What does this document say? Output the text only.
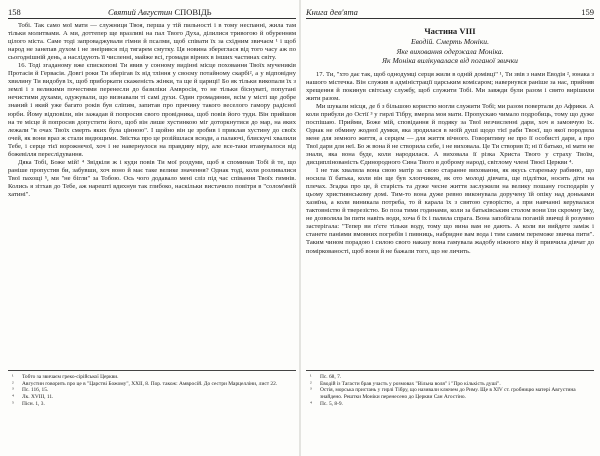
158	Святий Августин СПОВІДЬ

Тобі. Так само мої мати — служниця Твоя, перша у тій пильності і в тому неспанні, жила там тільки молитвами. А ми, доттепер ще вразливі на пал Твого Духа, ділилися тривогою й обуренням цілого міста. Саме тоді запроваджували гімни й псалми, щоб співати їх за східним звичаєм ¹ і щоб народ не занепав духом і не знеірився під тягарем смутку. Ця новина збереглася від того часу аж по сьогоднішній день, а наслідують її численні, майже всі, громади вірних в інших частинах світу.

16. Тоді згаданому вже єпископові Ти явив у сонному видінні місце поховання Твоїх мучеників Протасія й Гервасія. Довгі роки Ти зберігав їх від тління у своєму потайному скарбі², а у відповідну хвилину Ти видобув їх, щоб приборкати скаженість жінки, та ще й цариці! Бо як тільки викопали їх з землі і з великими почестями перенесли до базиліки Амвросія, то не тільки біснуваті, попутані нечистими духами, одужували, що визнавали ті самі духи. Один громадянин, всім у місті ще добре знаний і який уже багато років був сліпим, запитав про причину такого веселого гамору радісної юрби. Йому відповіли, він зажадав й попросив свого провідника, щоб повів його туди. Він прийшов на те місце й попросив допустити його, щоб він лише хустинкою міг доторкнутися до мар, на яких лежали "в очах Твоїх смерть яких була цінною". І щойно він це зробив і приклав хустину до своїх очей, як вони враз ж стали видющими. Звістка про це розійшлася всюди, а палаючі, блискучі хвалили Тебе, і серце тієї ворожнечої, хоч і не навернулося на правдиву віру, але все-таки втамувалося від божевілля переслідування.

Дяка Тобі, Боже мій! ⁴ Звідкіля ж і куди повів Ти мої роздуми, щоб я споминав Тобі й те, що раніше пропустив би, забувши, хоч воно й має таке велике значення? Однак тоді, коли розливалися Твої пахощі ⁵, ми "не бігли" за Тобою. Ось чого додавало мені сліз під час співання Твоїх гимнів. Колись я зітхав до Тебе, аж нарешті вдихнув так глибоко, наскільки вистачило повітря в "солом'яній хатині".

¹ Тобто за звичаєм греко-сірійської Церкви.

² Августин говорить про це в "Царстві Божому", XXII, 8. Пор. також: Амвросій. До сестри Марцелліни, лист 22.

³ Пс. 116, 15.

⁴ Лк. XVIII, 11.

⁵ Пісн. 1, 3.

Книга дев'ята	159
Частина VIII
Еводій. Смерть Моніки.
Яке виховання одержала Моніка.
Як Моніка вилікувалася від поганої звички

17. Ти, "хто дає так, щоб однодумці серця жили в одній домівці" ¹, Ти звів з нами Еводія ², юнака з нашого містечка. Він служив в адміністрації царським комісаром; навернувся раніше за нас, прийняв хрещення й покинув світську службу, щоб служити Тобі. Ми завжди були разом і свято вирішили жити разом.

Ми шукали місця, де б з більшою користю могли служити Тобі; ми разом повертали до Африки. А коли прибули до Остії ³ у гирлі Тібру, вмерла моя мати. Пропускаю чимало подробиць, тому що дуже поспішаю. Прийми, Боже мій, сповідання й подяку за Твої незчисленні дари, хоч я замовчую їх. Однак не обмину жодної думки, яка зродилася в моїй душі щодо тієї раби Твоєї, що якої породила мене для земного життя, а серцем — для життя вічного. Говоритиму не про її особисті дари, а про Твої дари для неї. Бо ж вона й не створила себе, і не виховала. Це Ти створив її; ні її батько, ні мати не знали, яка вона буде, коли народилася. А виховала її різка Христа Твого у страху Твоїм, дисциплінованість Єдинородного Сина Твого в доброму народі, світлому члені Твоєї Церкви ⁴.

І не так хвалила вона свою матір за свою старанне виховання, як якусь стареньку рабиню, що носила її батька, коли він ще був хлопчиком, як ото молоді дівчата, ще підлітки, носять діти на плечах. Згадка про це, й старість та дуже чесне життя заслужили на велику пошану господарів у цьому християнському домі. Тим-то вона дуже ревно виконувала доручену їй опіку над доньками хазяїна, а коли виникала потреба, то й карала їх з святою суворістю, а при навчанні керувалася тактовністю й тверезістю. Бо поза тими годинами, коли за батьківським столом вони їли скромну їжу, не дозволяла їм пити навіть води, хоча б їх і палила спрага. Вона запобігала поганій звичці й розумно застерігала: "Тепер ви п'єте тільки воду, тому що вина вам не дають. А коли ви вийдете заміж і станете паніями вмовних погребів і пивниць, набридне вам вода і тим самим переможе звичка пити". Таким чином порадою і силою свого наказу вона гамувала жадобу ніжного віку й привчила дівчат до поміркованості, щоб вони й не бажали того, що не личить.

¹ Пс. 68, 7.

² Еводій із Тагасти брав участь у розмовах "Вільна воля" і "Про кількість душі".

³ Остія, морська пристань у гирлі Тібру, що називали ключем до Риму. Ще в XIV ст. гробницю матері Августина знайдено. Рештки Моніки перенесено до Церкви Сан Агостіно.

⁴ Пс. 5, 8-9.
